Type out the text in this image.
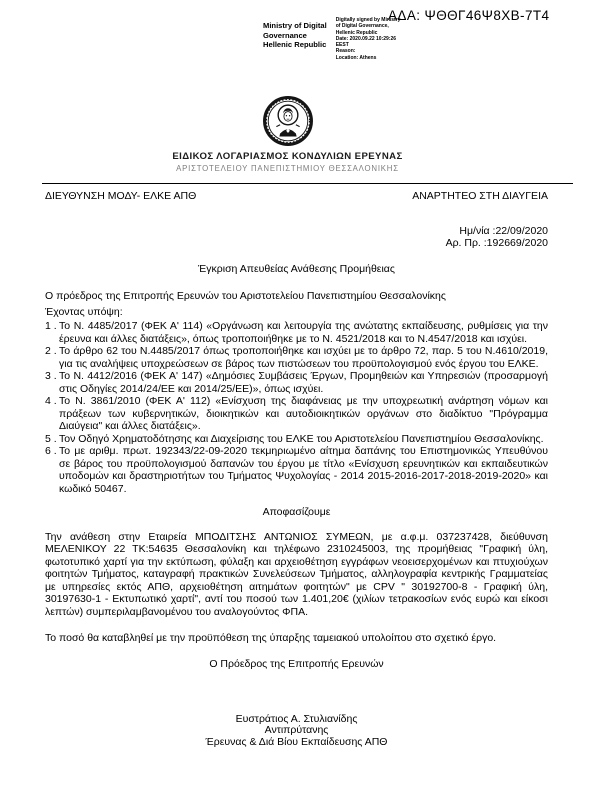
ΑΔΑ: ΨΘΘΓ46Ψ8ΧΒ-7Τ4
Ministry of Digital
Governance
Hellenic Republic
Digitally signed by Ministry
of Digital Governance,
Hellenic Republic
Date: 2020.09.22 10:29:26
EEST
Reason:
Location: Athens
ΕΙΔΙΚΟΣ ΛΟΓΑΡΙΑΣΜΟΣ ΚΟΝΔΥΛΙΩΝ ΕΡΕΥΝΑΣ
ΑΡΙΣΤΟΤΕΛΕΙΟΥ ΠΑΝΕΠΙΣΤΗΜΙΟΥ ΘΕΣΣΑΛΟΝΙΚΗΣ
ΔΙΕΥΘΥΝΣΗ ΜΟΔΥ- ΕΛΚΕ ΑΠΘ	ΑΝΑΡΤΗΤΕΟ ΣΤΗ ΔΙΑΥΓΕΙΑ
Ημ/νία :22/09/2020
Αρ. Πρ. :192669/2020
Έγκριση Απευθείας Ανάθεσης Προμήθειας
Ο πρόεδρος της Επιτροπής Ερευνών του Αριστοτελείου Πανεπιστημίου Θεσσαλονίκης
Έχοντας υπόψη:
1 . Το Ν. 4485/2017 (ΦΕΚ Α' 114) «Οργάνωση και λειτουργία της ανώτατης εκπαίδευσης, ρυθμίσεις για την έρευνα και άλλες διατάξεις», όπως τροποποιήθηκε με το Ν. 4521/2018 και το Ν.4547/2018 και ισχύει.
2 . Το άρθρο 62 του Ν.4485/2017 όπως τροποποιήθηκε και ισχύει με το άρθρο 72, παρ. 5 του Ν.4610/2019, για τις αναλήψεις υποχρεώσεων σε βάρος των πιστώσεων του προϋπολογισμού ενός έργου του ΕΛΚΕ.
3 . Το Ν. 4412/2016 (ΦΕΚ Α' 147) «Δημόσιες Συμβάσεις Έργων, Προμηθειών και Υπηρεσιών (προσαρμογή στις Οδηγίες 2014/24/ΕΕ και 2014/25/ΕΕ)», όπως ισχύει.
4 . Το Ν. 3861/2010 (ΦΕΚ Α' 112) «Ενίσχυση της διαφάνειας με την υποχρεωτική ανάρτηση νόμων και πράξεων των κυβερνητικών, διοικητικών και αυτοδιοικητικών οργάνων στο διαδίκτυο "Πρόγραμμα Διαύγεια" και άλλες διατάξεις».
5 . Τον Οδηγό Χρηματοδότησης και Διαχείρισης του ΕΛΚΕ του Αριστοτελείου Πανεπιστημίου Θεσσαλονίκης.
6 . Το με αριθμ. πρωτ. 192343/22-09-2020 τεκμηριωμένο αίτημα δαπάνης του Επιστημονικώς Υπευθύνου σε βάρος του προϋπολογισμού δαπανών του έργου με τίτλο «Ενίσχυση ερευνητικών και εκπαιδευτικών υποδομών και δραστηριοτήτων του Τμήματος Ψυχολογίας - 2014 2015-2016-2017-2018-2019-2020» και κωδικό 50467.
Αποφασίζουμε
Την ανάθεση στην Εταιρεία ΜΠΟΔΙΤΣΗΣ ΑΝΤΩΝΙΟΣ ΣΥΜΕΩΝ, με α.φ.μ. 037237428, διεύθυνση ΜΕΛΕΝΙΚΟΥ 22 ΤΚ:54635 Θεσσαλονίκη και τηλέφωνο 2310245003, της προμήθειας "Γραφική ύλη, φωτοτυπικό χαρτί για την εκτύπωση, φύλαξη και αρχειοθέτηση εγγράφων νεοεισερχομένων και πτυχιούχων φοιτητών Τμήματος, καταγραφή πρακτικών Συνελεύσεων Τμήματος, αλληλογραφία κεντρικής Γραμματείας με υπηρεσίες εκτός ΑΠΘ, αρχειοθέτηση αιτημάτων φοιτητών" με CPV " 30192700-8 - Γραφική ύλη, 30197630-1 - Εκτυπωτικό χαρτί", αντί του ποσού των 1.401,20€ (χιλίων τετρακοσίων ενός ευρώ και είκοσι λεπτών) συμπεριλαμβανομένου του αναλογούντος ΦΠΑ.
Το ποσό θα καταβληθεί με την προϋπόθεση της ύπαρξης ταμειακού υπολοίπου στο σχετικό έργο.
Ο Πρόεδρος της Επιτροπής Ερευνών
Ευστράτιος Α. Στυλιανίδης
Αντιπρύτανης
Έρευνας & Διά Βίου Εκπαίδευσης ΑΠΘ
